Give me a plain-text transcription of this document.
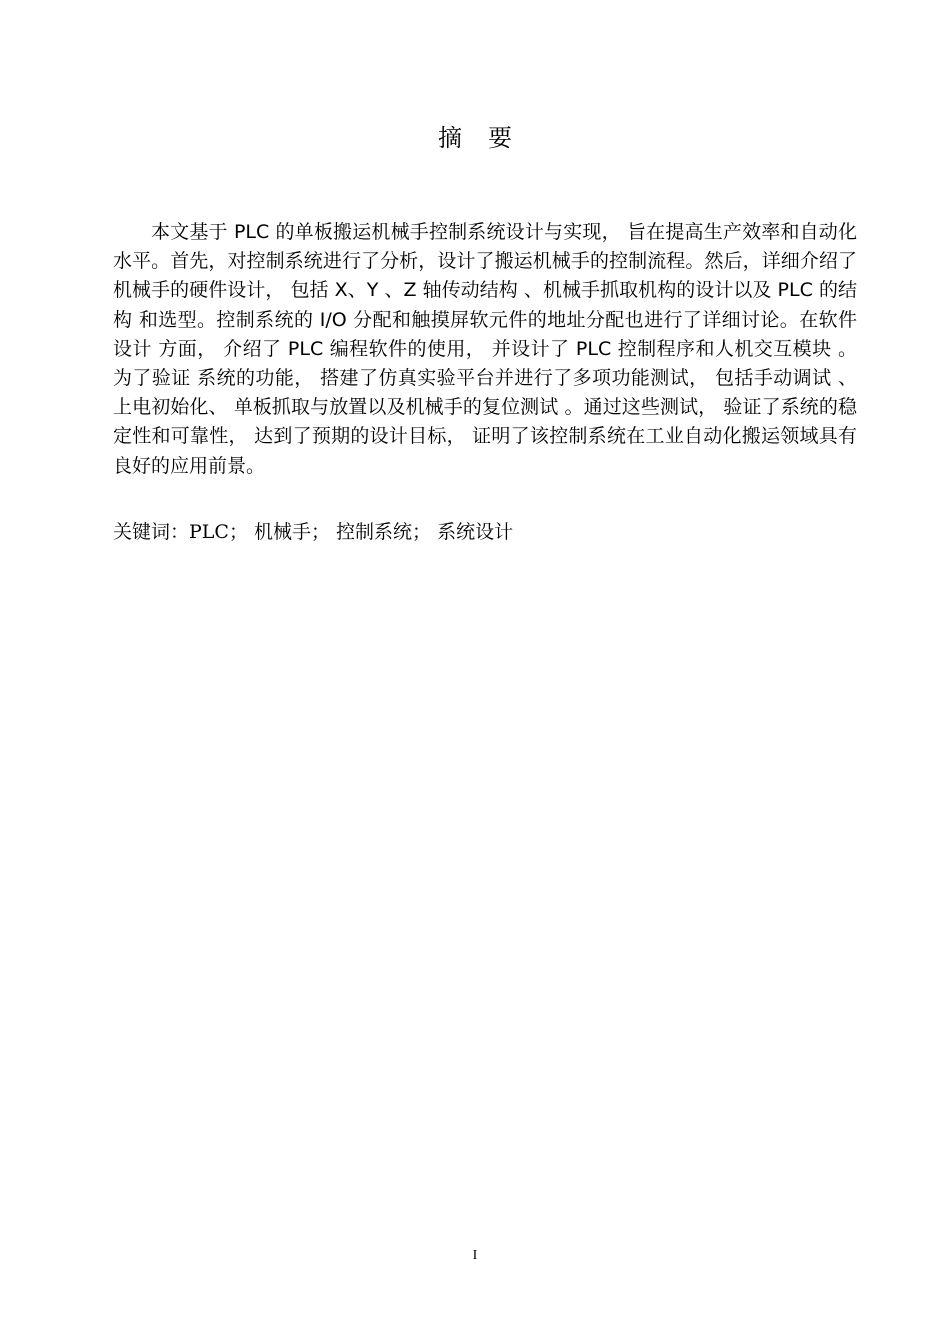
摘要

本文基于 PLC 的单板搬运机械手控制系统设计与实现， 旨在提高生产效率和自动化水平。首先，对控制系统进行了分析，设计了搬运机械手的控制流程。然后，详细介绍了机械手的硬件设计， 包括 X、Y 、Z 轴传动结构 、机械手抓取机构的设计以及 PLC 的结构 和选型。控制系统的 I/O 分配和触摸屏软元件的地址分配也进行了详细讨论。在软件设计 方面， 介绍了 PLC 编程软件的使用， 并设计了 PLC 控制程序和人机交互模块 。为了验证 系统的功能， 搭建了仿真实验平台并进行了多项功能测试， 包括手动调试 、上电初始化、 单板抓取与放置以及机械手的复位测试 。通过这些测试， 验证了系统的稳定性和可靠性， 达到了预期的设计目标， 证明了该控制系统在工业自动化搬运领域具有良好的应用前景。

关键词：PLC； 机械手； 控制系统； 系统设计
I
